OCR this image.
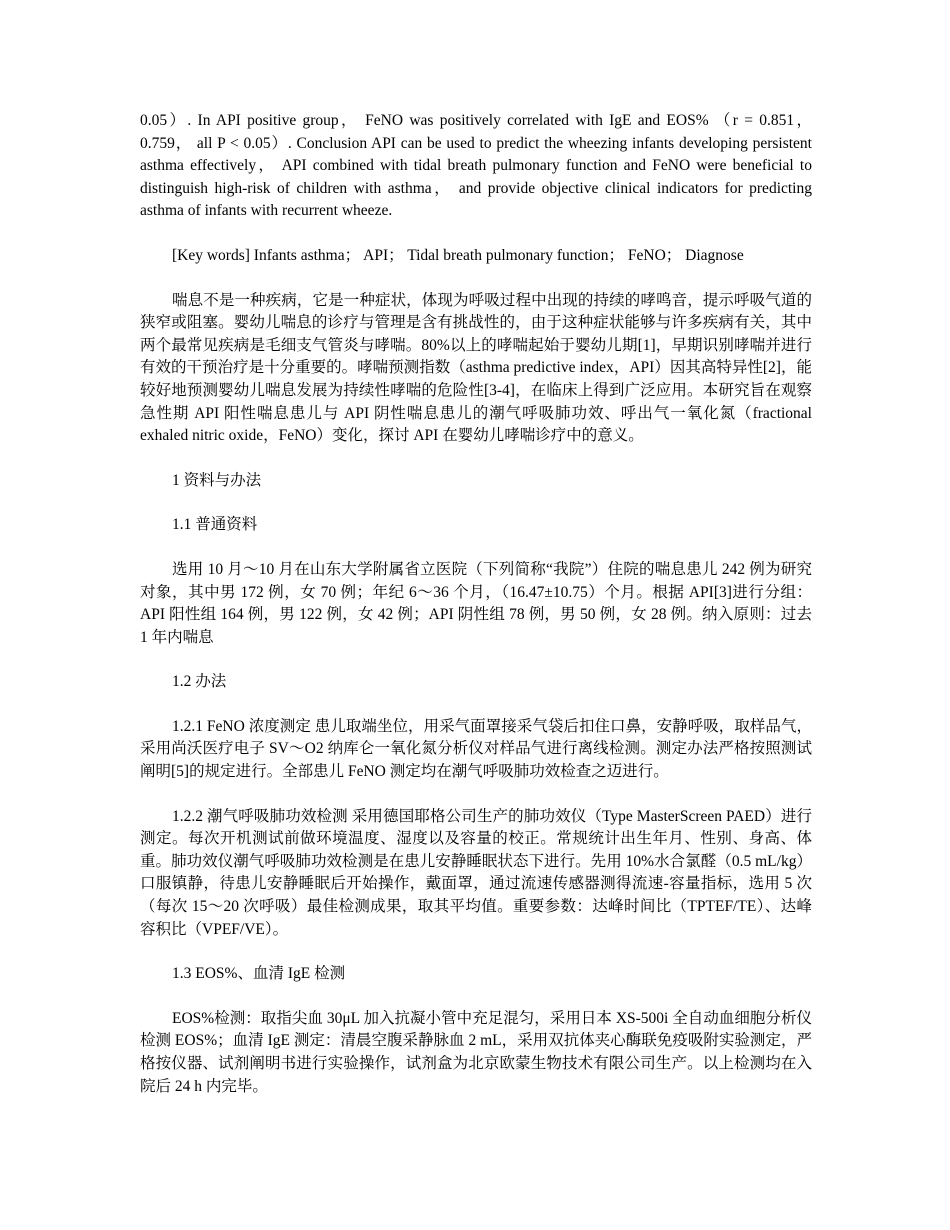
0.05）. In API positive group， FeNO was positively correlated with IgE and EOS% （r = 0.851，0.759， all P < 0.05）. Conclusion API can be used to predict the wheezing infants developing persistent asthma effectively， API combined with tidal breath pulmonary function and FeNO were beneficial to distinguish high-risk of children with asthma， and provide objective clinical indicators for predicting asthma of infants with recurrent wheeze.

[Key words] Infants asthma； API； Tidal breath pulmonary function； FeNO； Diagnose

喘息不是一种疾病，它是一种症状，体现为呼吸过程中出现的持续的哮鸣音，提示呼吸气道的狭窄或阻塞。婴幼儿喘息的诊疗与管理是含有挑战性的，由于这种症状能够与许多疾病有关，其中两个最常见疾病是毛细支气管炎与哮喘。80%以上的哮喘起始于婴幼儿期[1]，早期识别哮喘并进行有效的干预治疗是十分重要的。哮喘预测指数（asthma predictive index，API）因其高特异性[2]，能较好地预测婴幼儿喘息发展为持续性哮喘的危险性[3-4]，在临床上得到广泛应用。本研究旨在观察急性期 API 阳性喘息患儿与 API 阴性喘息患儿的潮气呼吸肺功效、呼出气一氧化氮（fractional exhaled nitric oxide，FeNO）变化，探讨 API 在婴幼儿哮喘诊疗中的意义。

1 资料与办法

1.1 普通资料

选用 10 月～10 月在山东大学附属省立医院（下列简称“我院”）住院的喘息患儿 242 例为研究对象，其中男 172 例，女 70 例；年纪 6～36 个月，（16.47±10.75）个月。根据 API[3]进行分组：API 阳性组 164 例，男 122 例，女 42 例；API 阴性组 78 例，男 50 例，女 28 例。纳入原则：过去 1 年内喘息

1.2 办法

1.2.1 FeNO 浓度测定 患儿取端坐位，用采气面罩接采气袋后扣住口鼻，安静呼吸，取样品气，采用尚沃医疗电子 SV～O2 纳库仑一氧化氮分析仪对样品气进行离线检测。测定办法严格按照测试阐明[5]的规定进行。全部患儿 FeNO 测定均在潮气呼吸肺功效检查之迈进行。

1.2.2 潮气呼吸肺功效检测 采用德国耶格公司生产的肺功效仪（Type MasterScreen PAED）进行测定。每次开机测试前做环境温度、湿度以及容量的校正。常规统计出生年月、性别、身高、体重。肺功效仪潮气呼吸肺功效检测是在患儿安静睡眠状态下进行。先用 10%水合氯醛（0.5 mL/kg）口服镇静，待患儿安静睡眠后开始操作，戴面罩，通过流速传感器测得流速-容量指标，选用 5 次（每次 15～20 次呼吸）最佳检测成果，取其平均值。重要参数：达峰时间比（TPTEF/TE）、达峰容积比（VPEF/VE）。

1.3 EOS%、血清 IgE 检测

EOS%检测：取指尖血 30μL 加入抗凝小管中充足混匀，采用日本 XS-500i 全自动血细胞分析仪检测 EOS%；血清 IgE 测定：清晨空腹采静脉血 2 mL，采用双抗体夹心酶联免疫吸附实验测定，严格按仪器、试剂阐明书进行实验操作，试剂盒为北京欧蒙生物技术有限公司生产。以上检测均在入院后 24 h 内完毕。
